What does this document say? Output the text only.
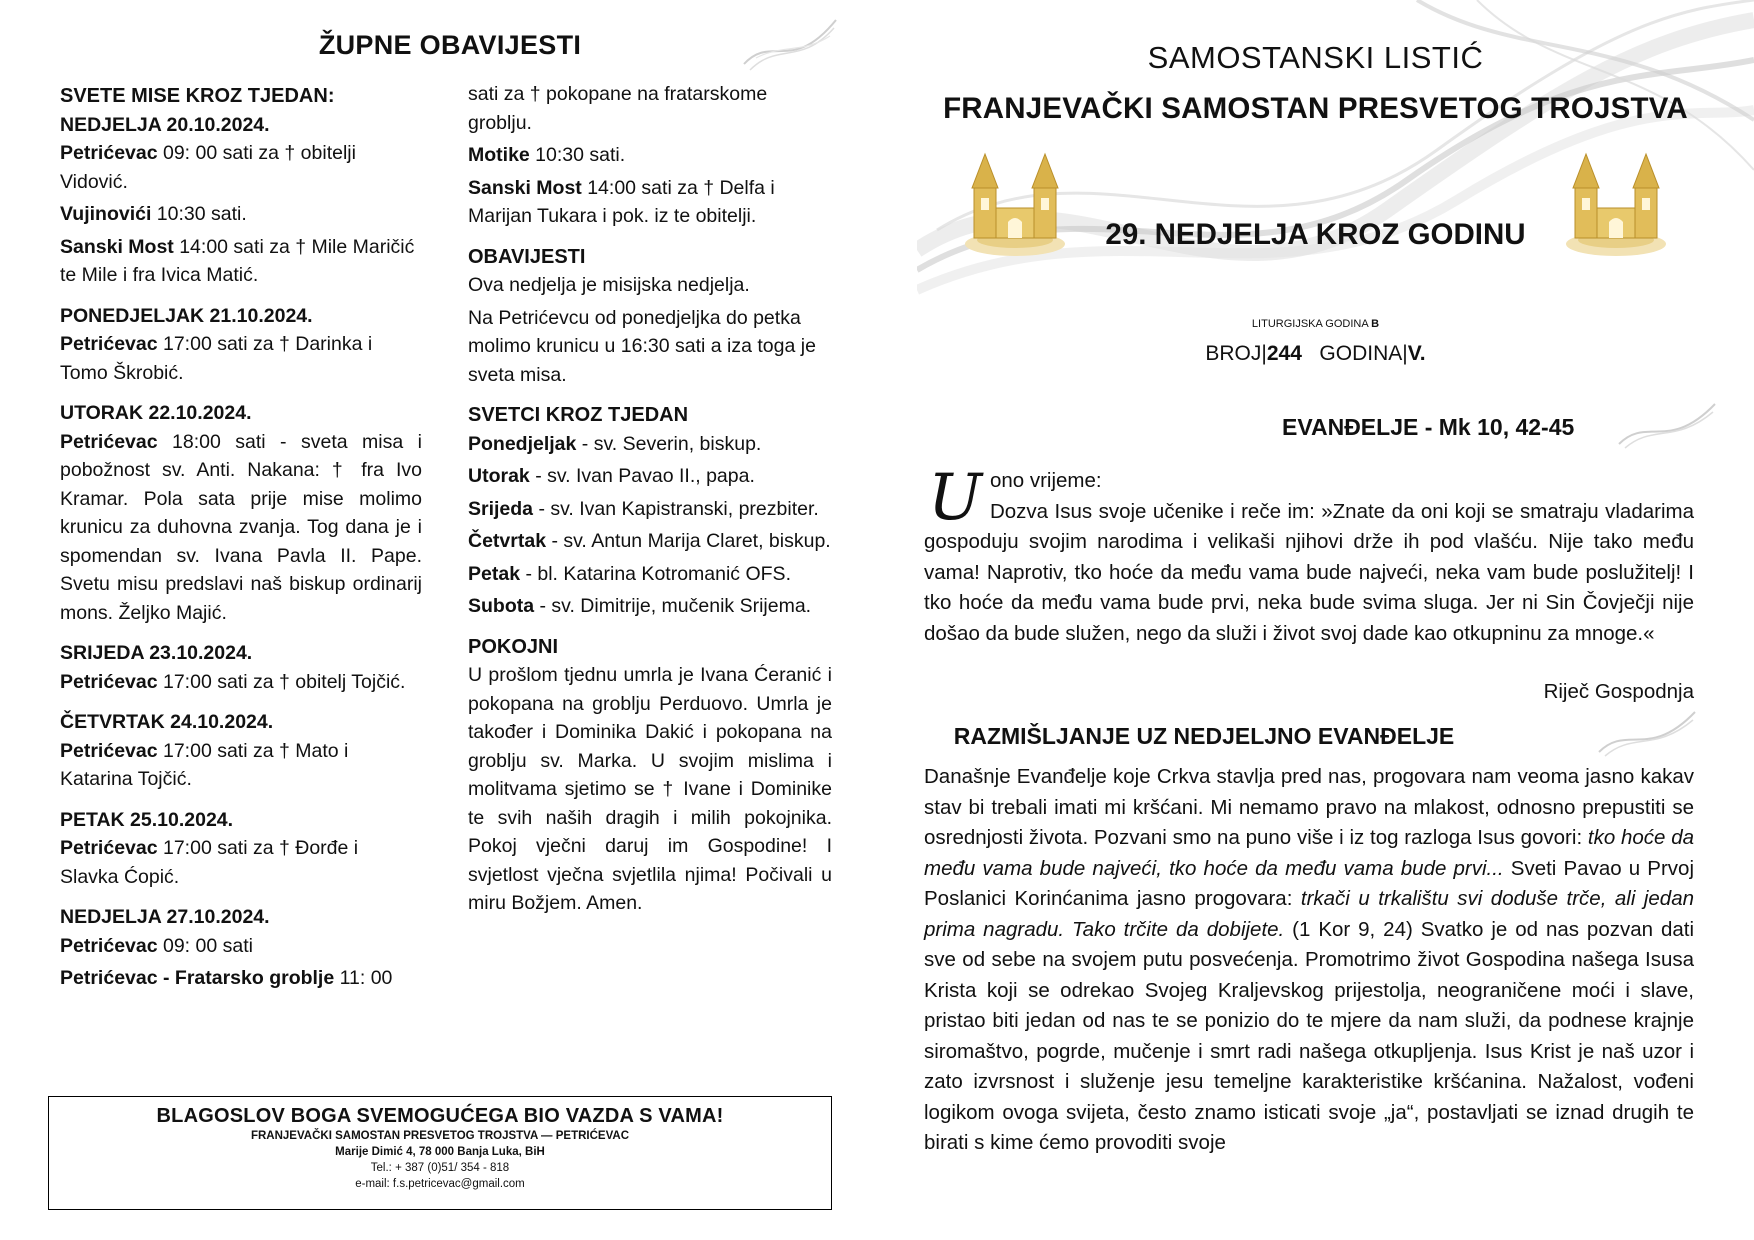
ŽUPNE OBAVIJESTI
SVETE MISE KROZ TJEDAN:
NEDJELJA 20.10.2024.
Petrićevac 09: 00 sati za † obitelji Vidović.
Vujinovići 10:30 sati.
Sanski Most 14:00 sati za † Mile Maričić te Mile i fra Ivica Matić.
PONEDJELJAK 21.10.2024.
Petrićevac 17:00 sati za † Darinka i Tomo Škrobić.
UTORAK 22.10.2024.
Petrićevac 18:00 sati - sveta misa i pobožnost sv. Anti. Nakana: † fra Ivo Kramar. Pola sata prije mise molimo krunicu za duhovna zvanja. Tog dana je i spomendan sv. Ivana Pavla II. Pape. Svetu misu predslavi naš biskup ordinarij mons. Željko Majić.
SRIJEDA 23.10.2024.
Petrićevac 17:00 sati za † obitelj Tojčić.
ČETVRTAK 24.10.2024.
Petrićevac 17:00 sati za † Mato i Katarina Tojčić.
PETAK 25.10.2024.
Petrićevac 17:00 sati za † Đorđe i Slavka Ćopić.
NEDJELJA 27.10.2024.
Petrićevac 09: 00 sati
Petrićevac - Fratarsko groblje 11: 00
sati za † pokopane na fratarskome groblju.
Motike 10:30 sati.
Sanski Most 14:00 sati za † Delfa i Marijan Tukara i pok. iz te obitelji.
OBAVIJESTI
Ova nedjelja je misijska nedjelja.
Na Petrićevcu od ponedjeljka do petka molimo krunicu u 16:30 sati a iza toga je sveta misa.
SVETCI KROZ TJEDAN
Ponedjeljak - sv. Severin, biskup.
Utorak - sv. Ivan Pavao II., papa.
Srijeda - sv. Ivan Kapistranski, prezbiter.
Četvrtak - sv. Antun Marija Claret, biskup.
Petak - bl. Katarina Kotromanić OFS.
Subota - sv. Dimitrije, mučenik Srijema.
POKOJNI
U prošlom tjednu umrla je Ivana Ćeranić i pokopana na groblju Perduovo. Umrla je također i Dominika Dakić i pokopana na groblju sv. Marka. U svojim mislima i molitvama sjetimo se † Ivane i Dominike te svih naših dragih i milih pokojnika. Pokoj vječni daruj im Gospodine! I svjetlost vječna svjetlila njima! Počivali u miru Božjem. Amen.
BLAGOSLOV BOGA SVEMOGUĆEGA BIO VAZDA S VAMA!
FRANJEVAČKI SAMOSTAN PRESVETOG TROJSTVA — PETRIĆEVAC
Marije Dimić 4, 78 000 Banja Luka, BiH
Tel.: + 387 (0)51/ 354 - 818
e-mail: f.s.petricevac@gmail.com
SAMOSTANSKI LISTIĆ
FRANJEVAČKI SAMOSTAN PRESVETOG TROJSTVA
29. NEDJELJA KROZ GODINU
LITURGIJSKA GODINA B
BROJ|244 GODINA|V.
EVANĐELJE - Mk 10, 42-45
U ono vrijeme:
Dozva Isus svoje učenike i reče im: »Znate da oni koji se smatraju vladarima gospoduju svojim narodima i velikaši njihovi drže ih pod vlašću. Nije tako među vama! Naprotiv, tko hoće da među vama bude najveći, neka vam bude poslužitelj! I tko hoće da među vama bude prvi, neka bude svima sluga. Jer ni Sin Čovječji nije došao da bude služen, nego da služi i život svoj dade kao otkupninu za mnoge.«
Riječ Gospodnja
RAZMIŠLJANJE UZ NEDJELJNO EVANĐELJE
Današnje Evanđelje koje Crkva stavlja pred nas, progovara nam veoma jasno kakav stav bi trebali imati mi kršćani. Mi nemamo pravo na mlakost, odnosno prepustiti se osrednjosti života. Pozvani smo na puno više i iz tog razloga Isus govori: tko hoće da među vama bude najveći, tko hoće da među vama bude prvi... Sveti Pavao u Prvoj Poslanici Korinćanima jasno progovara: trkači u trkalištu svi doduše trče, ali jedan prima nagradu. Tako trčite da dobijete. (1 Kor 9, 24) Svatko je od nas pozvan dati sve od sebe na svojem putu posvećenja. Promotrimo život Gospodina našega Isusa Krista koji se odrekao Svojeg Kraljevskog prijestolja, neograničene moći i slave, pristao biti jedan od nas te se ponizio do te mjere da nam služi, da podnese krajnje siromaštvo, pogrde, mučenje i smrt radi našega otkupljenja. Isus Krist je naš uzor i zato izvrsnost i služenje jesu temeljne karakteristike kršćanina. Nažalost, vođeni logikom ovoga svijeta, često znamo isticati svoje „ja“, postavljati se iznad drugih te birati s kime ćemo provoditi svoje
